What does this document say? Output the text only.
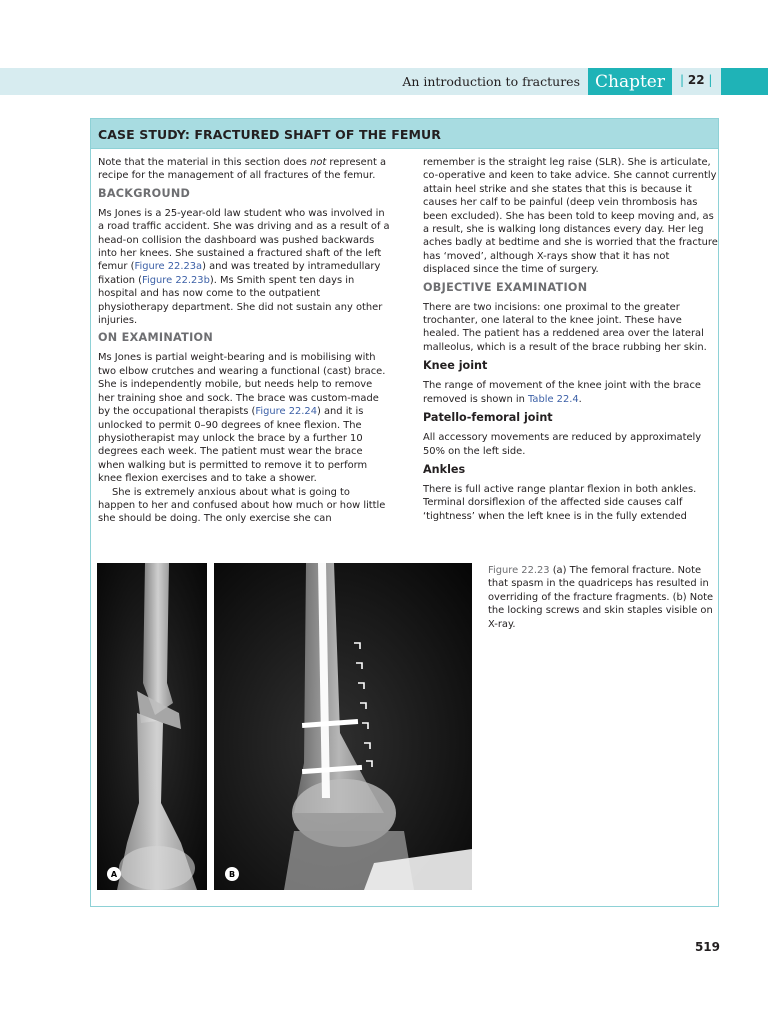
An introduction to fractures Chapter	| 22 |
CASE STUDY: FRACTURED SHAFT OF THE FEMUR

Note that the material in this section does not represent a recipe for the management of all fractures of the femur.

BACKGROUND

Ms Jones is a 25-year-old law student who was involved in a road traffic accident. She was driving and as a result of a head-on collision the dashboard was pushed backwards into her knees. She sustained a fractured shaft of the left femur (Figure 22.23a) and was treated by intramedullary fixation (Figure 22.23b). Ms Smith spent ten days in hospital and has now come to the outpatient physiotherapy department. She did not sustain any other injuries.

ON EXAMINATION

Ms Jones is partial weight-bearing and is mobilising with two elbow crutches and wearing a functional (cast) brace. She is independently mobile, but needs help to remove her training shoe and sock. The brace was custom-made by the occupational therapists (Figure 22.24) and it is unlocked to permit 0–90 degrees of knee flexion. The physiotherapist may unlock the brace by a further 10 degrees each week. The patient must wear the brace when walking but is permitted to remove it to perform knee flexion exercises and to take a shower.

She is extremely anxious about what is going to happen to her and confused about how much or how little she should be doing. The only exercise she can

remember is the straight leg raise (SLR). She is articulate, co-operative and keen to take advice. She cannot currently attain heel strike and she states that this is because it causes her calf to be painful (deep vein thrombosis has been excluded). She has been told to keep moving and, as a result, she is walking long distances every day. Her leg aches badly at bedtime and she is worried that the fracture has ‘moved’, although X-rays show that it has not displaced since the time of surgery.

OBJECTIVE EXAMINATION

There are two incisions: one proximal to the greater trochanter, one lateral to the knee joint. These have healed. The patient has a reddened area over the lateral malleolus, which is a result of the brace rubbing her skin.

Knee joint

The range of movement of the knee joint with the brace removed is shown in Table 22.4.

Patello-femoral joint

All accessory movements are reduced by approximately 50% on the left side.

Ankles

There is full active range plantar flexion in both ankles. Terminal dorsiflexion of the affected side causes calf ‘tightness’ when the left knee is in the fully extended

A	B
Figure 22.23 (a) The femoral fracture. Note that spasm in the quadriceps has resulted in overriding of the fracture fragments. (b) Note the locking screws and skin staples visible on X-ray.
519
